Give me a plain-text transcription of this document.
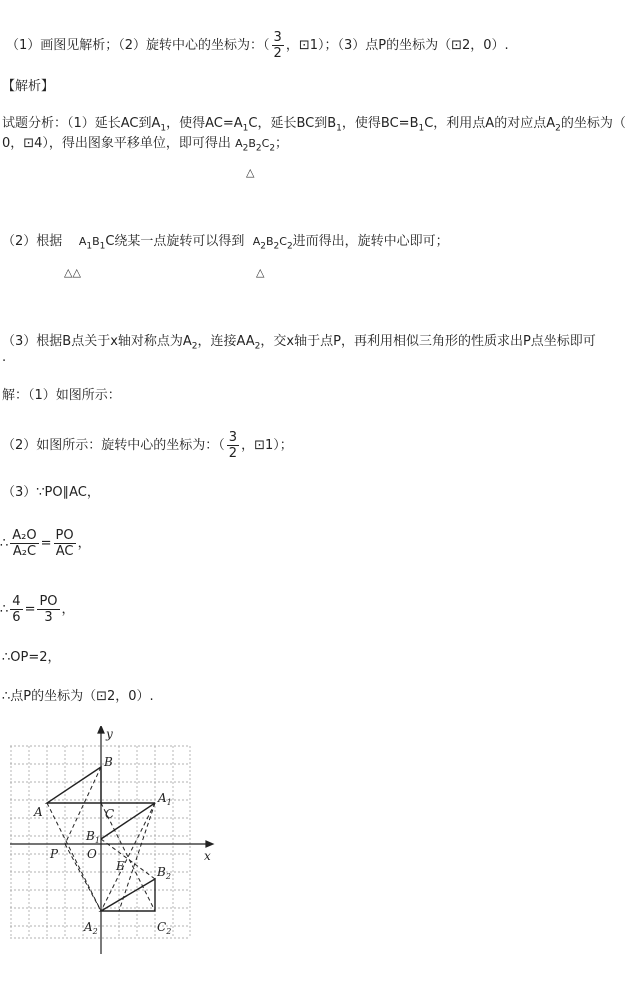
（1）画图见解析；（2）旋转中心的坐标为：（ $\frac{3}{2}$ ，⊡1）；（3）点P的坐标为（⊡2，0）.
【解析】
试题分析：（1）延长AC到$A_1$，使得$AC=A_1C$，延长BC到$B_1$，使得$BC=B_1C$，利用点A的对应点$A_2$的坐标为（
0，⊡4），得出图象平移单位，即可得出 $A_2B_2C_2$；
△
（2）根据 $A_1B_1C$绕某一点旋转可以得到 $A_2B_2C_2$进而得出，旋转中心即可；
△△	△
（3）根据B点关于x轴对称点为$A_2$，连接$AA_2$，交x轴于点P，再利用相似三角形的性质求出P点坐标即可
.
解：（1）如图所示：
（2）如图所示：旋转中心的坐标为：（ $\frac{3}{2}$ ，⊡1）；
（3）∵PO∥AC，
∴ $\frac{\text{A₂O}}{\text{A₂C}} = \frac{PO}{AC}$ ，
∴ $\frac{4}{6} = \frac{PO}{3}$ ，
∴OP=2，
∴点P的坐标为（⊡2，0）.
y
x
B
A	C
$A_1$
$B_1$
O
P
E	$B_2$
$A_2$	$C_2$
